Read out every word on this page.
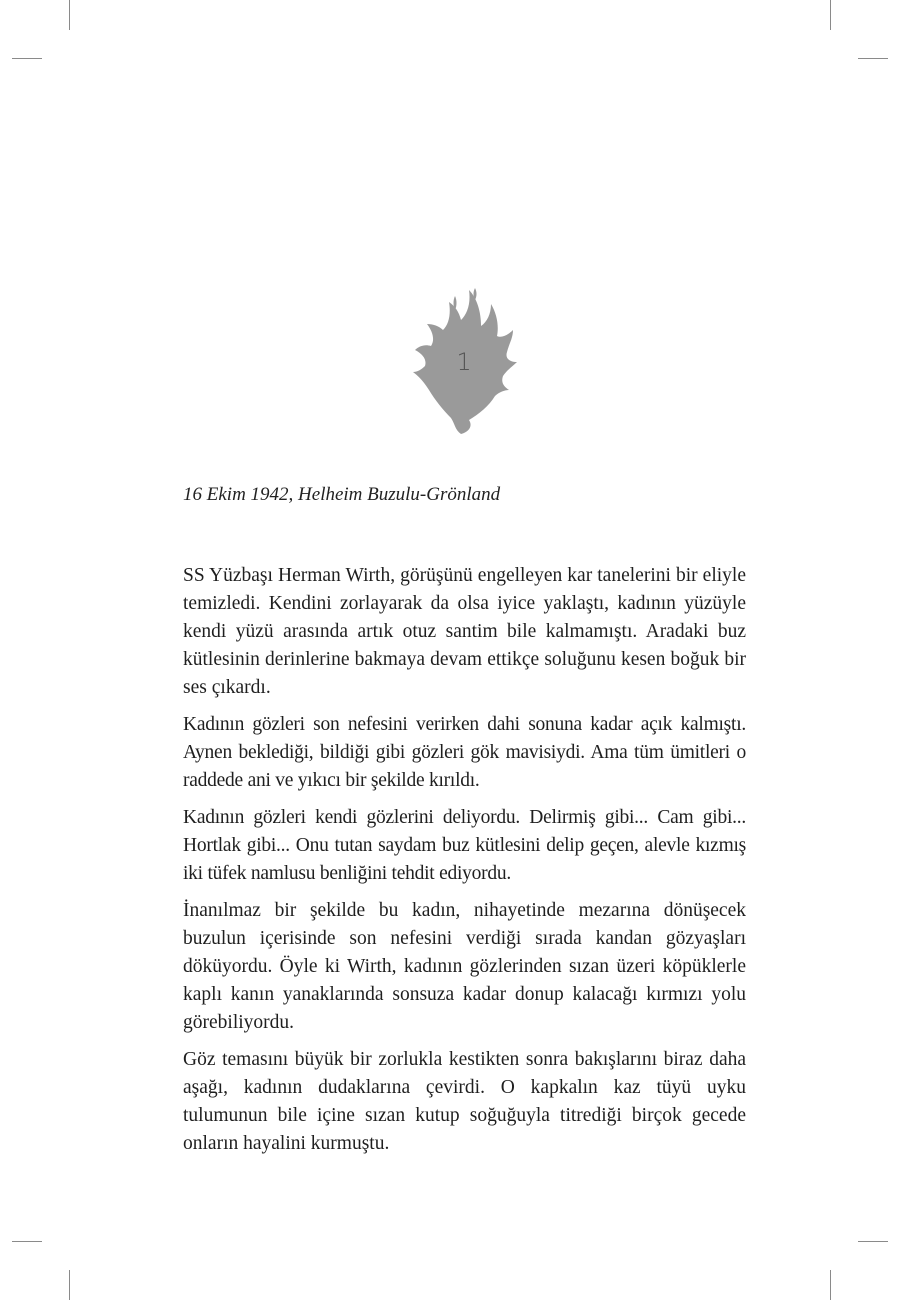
1
16 Ekim 1942, Helheim Buzulu-Grönland

SS Yüzbaşı Herman Wirth, görüşünü engelleyen kar tanelerini bir eliyle temizledi. Kendini zorlayarak da olsa iyice yaklaştı, kadının yüzüyle kendi yüzü arasında artık otuz santim bile kalmamıştı. Aradaki buz kütlesinin derinlerine bakmaya devam ettikçe soluğunu kesen boğuk bir ses çıkardı.

Kadının gözleri son nefesini verirken dahi sonuna kadar açık kalmıştı. Aynen beklediği, bildiği gibi gözleri gök mavisiydi. Ama tüm ümitleri o raddede ani ve yıkıcı bir şekilde kırıldı.

Kadının gözleri kendi gözlerini deliyordu. Delirmiş gibi... Cam gibi... Hortlak gibi... Onu tutan saydam buz kütlesini delip geçen, alevle kızmış iki tüfek namlusu benliğini tehdit ediyordu.

İnanılmaz bir şekilde bu kadın, nihayetinde mezarına dönüşecek buzulun içerisinde son nefesini verdiği sırada kandan gözyaşları döküyordu. Öyle ki Wirth, kadının gözlerinden sızan üzeri köpüklerle kaplı kanın yanaklarında sonsuza kadar donup kalacağı kırmızı yolu görebiliyordu.

Göz temasını büyük bir zorlukla kestikten sonra bakışlarını biraz daha aşağı, kadının dudaklarına çevirdi. O kapkalın kaz tüyü uyku tulumunun bile içine sızan kutup soğuğuyla titrediği birçok gecede onların hayalini kurmuştu.
